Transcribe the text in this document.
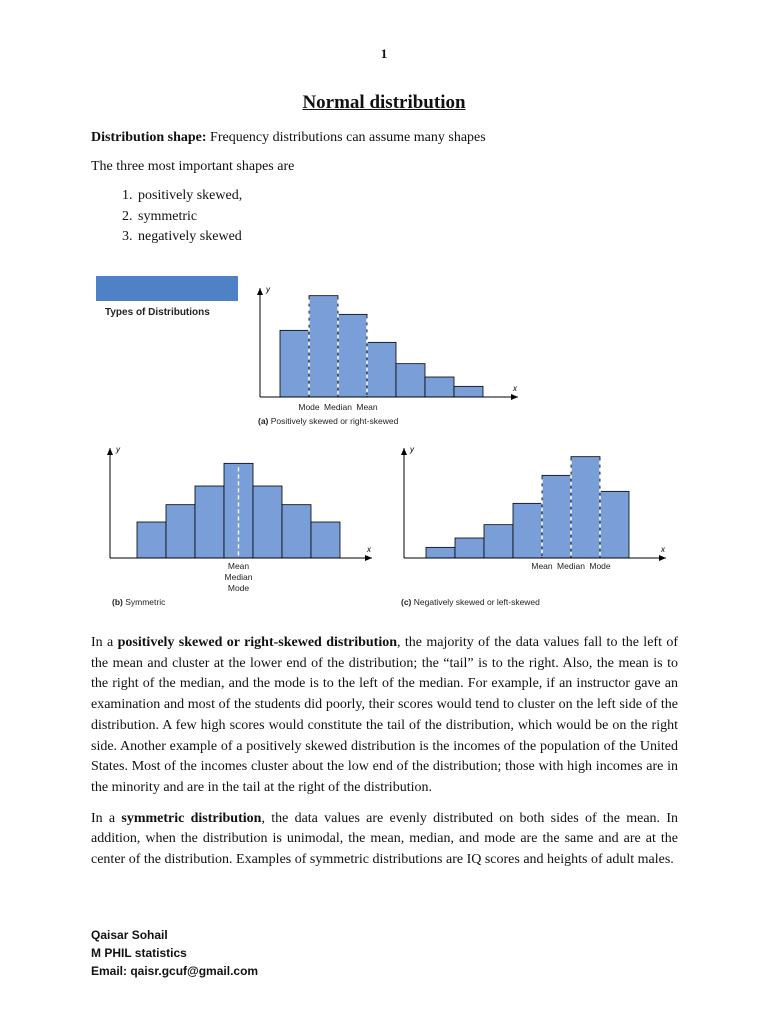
1
Normal distribution

Distribution shape: Frequency distributions can assume many shapes

The three most important shapes are

1. positively skewed,
2. symmetric
3. negatively skewed
Types of Distributions
y
x
Mode Median Mean
(a) Positively skewed or right-skewed
y
x
Mean
Median
Mode
(b) Symmetric
y
x
Mean Median Mode
(c) Negatively skewed or left-skewed

In a positively skewed or right-skewed distribution, the majority of the data values fall to the left of the mean and cluster at the lower end of the distribution; the “tail” is to the right. Also, the mean is to the right of the median, and the mode is to the left of the median. For example, if an instructor gave an examination and most of the students did poorly, their scores would tend to cluster on the left side of the distribution. A few high scores would constitute the tail of the distribution, which would be on the right side. Another example of a positively skewed distribution is the incomes of the population of the United States. Most of the incomes cluster about the low end of the distribution; those with high incomes are in the minority and are in the tail at the right of the distribution.

In a symmetric distribution, the data values are evenly distributed on both sides of the mean. In addition, when the distribution is unimodal, the mean, median, and mode are the same and are at the center of the distribution. Examples of symmetric distributions are IQ scores and heights of adult males.

Qaisar Sohail
M PHIL statistics
Email: qaisr.gcuf@gmail.com
